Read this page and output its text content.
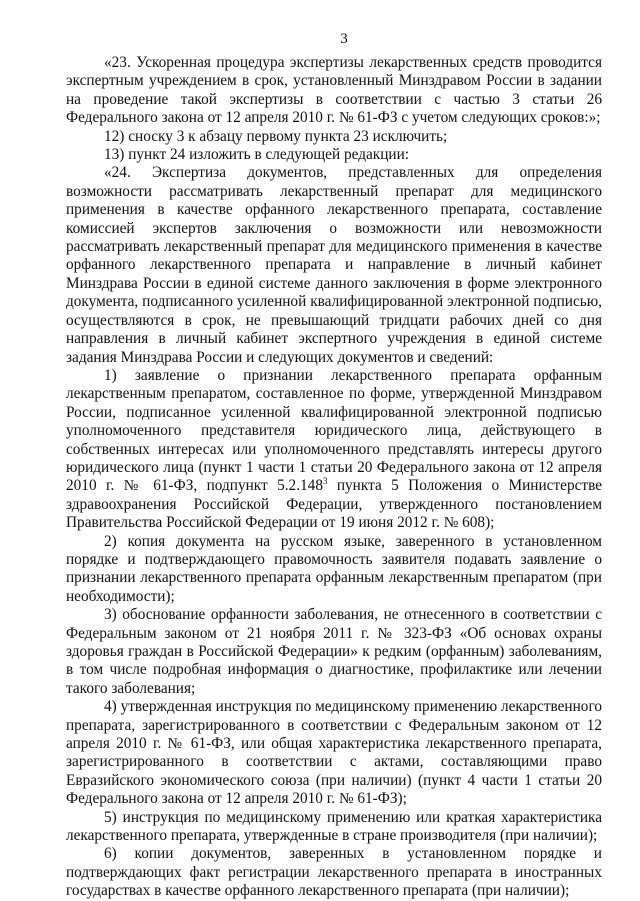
3

«23. Ускоренная процедура экспертизы лекарственных средств проводится экспертным учреждением в срок, установленный Минздравом России в задании на проведение такой экспертизы в соответствии с частью 3 статьи 26 Федерального закона от 12 апреля 2010 г. № 61-ФЗ с учетом следующих сроков:»;

12) сноску 3 к абзацу первому пункта 23 исключить;

13) пункт 24 изложить в следующей редакции:

«24. Экспертиза документов, представленных для определения возможности рассматривать лекарственный препарат для медицинского применения в качестве орфанного лекарственного препарата, составление комиссией экспертов заключения о возможности или невозможности рассматривать лекарственный препарат для медицинского применения в качестве орфанного лекарственного препарата и направление в личный кабинет Минздрава России в единой системе данного заключения в форме электронного документа, подписанного усиленной квалифицированной электронной подписью, осуществляются в срок, не превышающий тридцати рабочих дней со дня направления в личный кабинет экспертного учреждения в единой системе задания Минздрава России и следующих документов и сведений:

1) заявление о признании лекарственного препарата орфанным лекарственным препаратом, составленное по форме, утвержденной Минздравом России, подписанное усиленной квалифицированной электронной подписью уполномоченного представителя юридического лица, действующего в собственных интересах или уполномоченного представлять интересы другого юридического лица (пункт 1 части 1 статьи 20 Федерального закона от 12 апреля 2010 г. № 61-ФЗ, подпункт 5.2.148$^3$ пункта 5 Положения о Министерстве здравоохранения Российской Федерации, утвержденного постановлением Правительства Российской Федерации от 19 июня 2012 г. № 608);

2) копия документа на русском языке, заверенного в установленном порядке и подтверждающего правомочность заявителя подавать заявление о признании лекарственного препарата орфанным лекарственным препаратом (при необходимости);

3) обоснование орфанности заболевания, не отнесенного в соответствии с Федеральным законом от 21 ноября 2011 г. № 323-ФЗ «Об основах охраны здоровья граждан в Российской Федерации» к редким (орфанным) заболеваниям, в том числе подробная информация о диагностике, профилактике или лечении такого заболевания;

4) утвержденная инструкция по медицинскому применению лекарственного препарата, зарегистрированного в соответствии с Федеральным законом от 12 апреля 2010 г. № 61-ФЗ, или общая характеристика лекарственного препарата, зарегистрированного в соответствии с актами, составляющими право Евразийского экономического союза (при наличии) (пункт 4 части 1 статьи 20 Федерального закона от 12 апреля 2010 г. № 61-ФЗ);

5) инструкция по медицинскому применению или краткая характеристика лекарственного препарата, утвержденные в стране производителя (при наличии);

6) копии документов, заверенных в установленном порядке и подтверждающих факт регистрации лекарственного препарата в иностранных государствах в качестве орфанного лекарственного препарата (при наличии);
